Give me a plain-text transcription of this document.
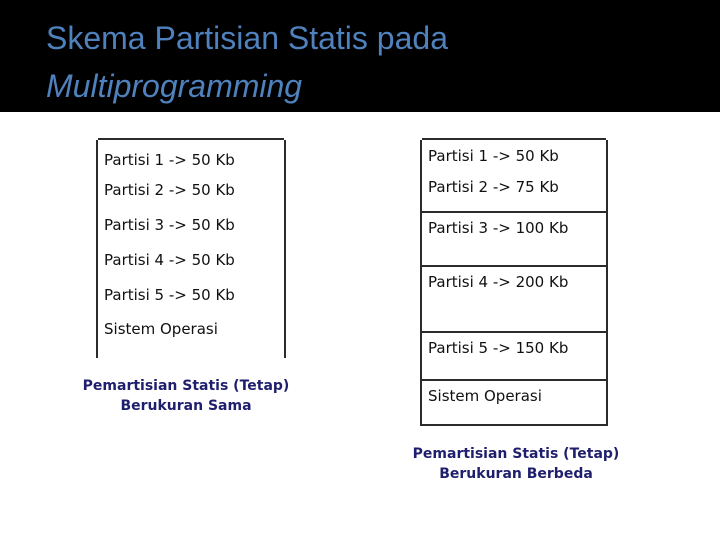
Skema Partisian Statis pada
Multiprogramming
Partisi 1 -> 50 Kb
Partisi 2 -> 50 Kb
Partisi 3 -> 50 Kb
Partisi 4 -> 50 Kb
Partisi 5 -> 50 Kb
Sistem Operasi
Pemartisian Statis (Tetap)
Berukuran Sama
Partisi 1 -> 50 Kb
Partisi 2 -> 75 Kb
Partisi 3 -> 100 Kb
Partisi 4 -> 200 Kb
Partisi 5 -> 150 Kb
Sistem Operasi
Pemartisian Statis (Tetap)
Berukuran Berbeda
